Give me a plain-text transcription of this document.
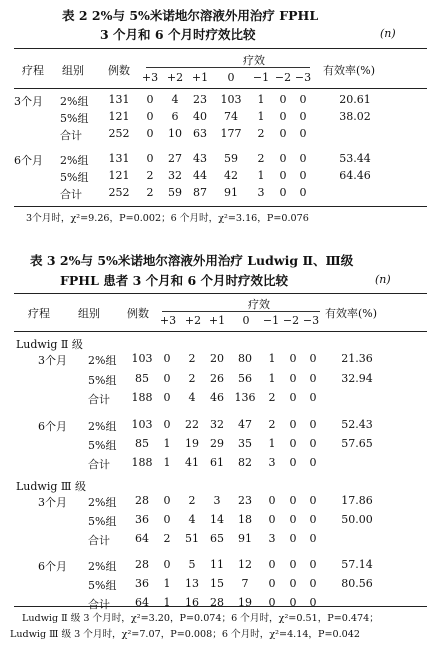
表 2 2%与 5%米诺地尔溶液外用治疗 FPHL
3 个月和 6 个月时疗效比较	(n)
疗程 组别 例数
疗效
有效率(%)
+3 +2 +1	0	−1 −2 −3
3个月 2%组	131	0	4	23	103	1	0	0	20.61
5%组	121	0	6	40	74	1	0	0	38.02
合计	252	0	10	63	177	2	0	0
6个月 2%组	131	0	27	43	59	2	0	0	53.44
5%组	121	2	32	44	42	1	0	0	64.46
合计	252	2	59	87	91	3	0	0
3个月时，χ²=9.26，P=0.002；6 个月时，χ²=3.16，P=0.076
表 3 2%与 5%米诺地尔溶液外用治疗 Ludwig Ⅱ、Ⅲ级
FPHL 患者 3 个月和 6 个月时疗效比较	(n)
疗程	组别 例数
疗效
有效率(%)
+3 +2 +1	0	−1 −2 −3
Ludwig Ⅱ 级
3个月 2%组	103	0	2	20	80	1	0	0	21.36
5%组	85	0	2	26	56	1	0	0	32.94
合计	188	0	4	46 136	2	0	0
6个月 2%组	103	0	22	32	47	2	0	0	52.43
5%组	85	1	19	29	35	1	0	0	57.65
合计	188	1	41	61	82	3	0	0
Ludwig Ⅲ 级
3个月 2%组	28	0	2	3	23	0	0	0	17.86
5%组	36	0	4	14	18	0	0	0	50.00
合计	64	2	51	65	91	3	0	0
6个月 2%组	28	0	5	11	12	0	0	0	57.14
5%组	36	1	13	15	7	0	0	0	80.56
合计	64	1	16	28	19	0	0	0
Ludwig Ⅱ 级 3 个月时，χ²=3.20，P=0.074；6 个月时，χ²=0.51，P=0.474；
Ludwig Ⅲ 级 3 个月时，χ²=7.07，P=0.008；6 个月时，χ²=4.14，P=0.042
